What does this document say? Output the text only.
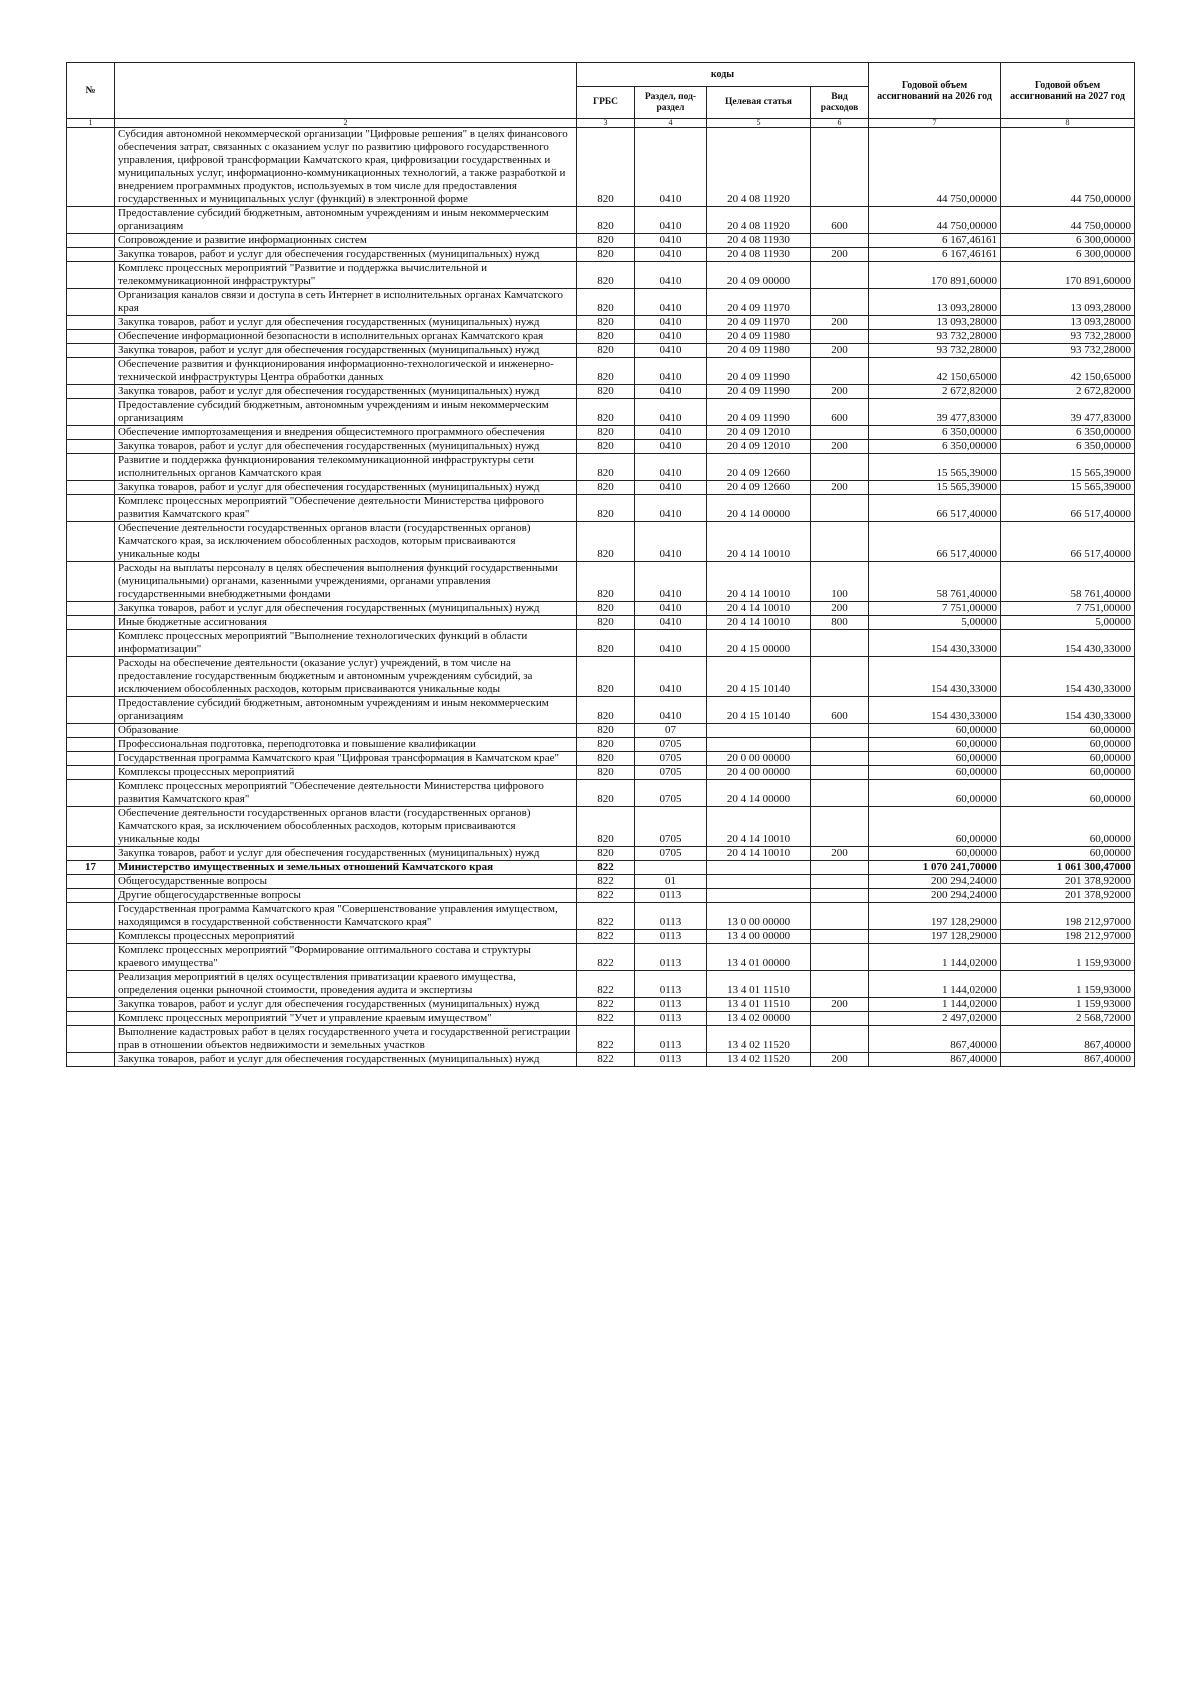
№		коды				Годовой объем ассигнований на 2026 год	Годовой объем ассигнований на 2027 год
		ГРБС	Раздел, под-раздел	Целевая статья	Вид расходов		
1	2	3	4	5	6	7	8
	Субсидия автономной некоммерческой организации "Цифровые решения" в целях финансового обеспечения затрат, связанных с оказанием услуг по развитию цифрового государственного управления, цифровой трансформации Камчатского края, цифровизации государственных и муниципальных услуг, информационно-коммуникационных технологий, а также разработкой и внедрением программных продуктов, используемых в том числе для предоставления государственных и муниципальных услуг (функций) в электронной форме	820	0410	20 4 08 11920		44 750,00000	44 750,00000
	Предоставление субсидий бюджетным, автономным учреждениям и иным некоммерческим организациям	820	0410	20 4 08 11920	600	44 750,00000	44 750,00000
	Сопровождение и развитие информационных систем	820	0410	20 4 08 11930		6 167,46161	6 300,00000
	Закупка товаров, работ и услуг для обеспечения государственных (муниципальных) нужд	820	0410	20 4 08 11930	200	6 167,46161	6 300,00000
	Комплекс процессных мероприятий "Развитие и поддержка вычислительной и телекоммуникационной инфраструктуры"	820	0410	20 4 09 00000		170 891,60000	170 891,60000
	Организация каналов связи и доступа в сеть Интернет в исполнительных органах Камчатского края	820	0410	20 4 09 11970		13 093,28000	13 093,28000
	Закупка товаров, работ и услуг для обеспечения государственных (муниципальных) нужд	820	0410	20 4 09 11970	200	13 093,28000	13 093,28000
	Обеспечение информационной безопасности в исполнительных органах Камчатского края	820	0410	20 4 09 11980		93 732,28000	93 732,28000
	Закупка товаров, работ и услуг для обеспечения государственных (муниципальных) нужд	820	0410	20 4 09 11980	200	93 732,28000	93 732,28000
	Обеспечение развития и функционирования информационно-технологической и инженерно-технической инфраструктуры Центра обработки данных	820	0410	20 4 09 11990		42 150,65000	42 150,65000
	Закупка товаров, работ и услуг для обеспечения государственных (муниципальных) нужд	820	0410	20 4 09 11990	200	2 672,82000	2 672,82000
	Предоставление субсидий бюджетным, автономным учреждениям и иным некоммерческим организациям	820	0410	20 4 09 11990	600	39 477,83000	39 477,83000
	Обеспечение импортозамещения и внедрения общесистемного программного обеспечения	820	0410	20 4 09 12010		6 350,00000	6 350,00000
	Закупка товаров, работ и услуг для обеспечения государственных (муниципальных) нужд	820	0410	20 4 09 12010	200	6 350,00000	6 350,00000
	Развитие и поддержка функционирования телекоммуникационной инфраструктуры сети исполнительных органов Камчатского края	820	0410	20 4 09 12660		15 565,39000	15 565,39000
	Закупка товаров, работ и услуг для обеспечения государственных (муниципальных) нужд	820	0410	20 4 09 12660	200	15 565,39000	15 565,39000
	Комплекс процессных мероприятий "Обеспечение деятельности Министерства цифрового развития Камчатского края"	820	0410	20 4 14 00000		66 517,40000	66 517,40000
	Обеспечение деятельности государственных органов власти (государственных органов) Камчатского края, за исключением обособленных расходов, которым присваиваются уникальные коды	820	0410	20 4 14 10010		66 517,40000	66 517,40000
	Расходы на выплаты персоналу в целях обеспечения выполнения функций государственными (муниципальными) органами, казенными учреждениями, органами управления государственными внебюджетными фондами	820	0410	20 4 14 10010	100	58 761,40000	58 761,40000
	Закупка товаров, работ и услуг для обеспечения государственных (муниципальных) нужд	820	0410	20 4 14 10010	200	7 751,00000	7 751,00000
	Иные бюджетные ассигнования	820	0410	20 4 14 10010	800	5,00000	5,00000
	Комплекс процессных мероприятий "Выполнение технологических функций в области информатизации"	820	0410	20 4 15 00000		154 430,33000	154 430,33000
	Расходы на обеспечение деятельности (оказание услуг) учреждений, в том числе на предоставление государственным бюджетным и автономным учреждениям субсидий, за исключением обособленных расходов, которым присваиваются уникальные коды	820	0410	20 4 15 10140		154 430,33000	154 430,33000
	Предоставление субсидий бюджетным, автономным учреждениям и иным некоммерческим организациям	820	0410	20 4 15 10140	600	154 430,33000	154 430,33000
	Образование	820	07			60,00000	60,00000
	Профессиональная подготовка, переподготовка и повышение квалификации	820	0705			60,00000	60,00000
	Государственная программа Камчатского края "Цифровая трансформация в Камчатском крае"	820	0705	20 0 00 00000		60,00000	60,00000
	Комплексы процессных мероприятий	820	0705	20 4 00 00000		60,00000	60,00000
	Комплекс процессных мероприятий "Обеспечение деятельности Министерства цифрового развития Камчатского края"	820	0705	20 4 14 00000		60,00000	60,00000
	Обеспечение деятельности государственных органов власти (государственных органов) Камчатского края, за исключением обособленных расходов, которым присваиваются уникальные коды	820	0705	20 4 14 10010		60,00000	60,00000
	Закупка товаров, работ и услуг для обеспечения государственных (муниципальных) нужд	820	0705	20 4 14 10010	200	60,00000	60,00000
17	Министерство имущественных и земельных отношений Камчатского края	822				1 070 241,70000	1 061 300,47000
	Общегосударственные вопросы	822	01			200 294,24000	201 378,92000
	Другие общегосударственные вопросы	822	0113			200 294,24000	201 378,92000
	Государственная программа Камчатского края "Совершенствование управления имуществом, находящимся в государственной собственности Камчатского края"	822	0113	13 0 00 00000		197 128,29000	198 212,97000
	Комплексы процессных мероприятий	822	0113	13 4 00 00000		197 128,29000	198 212,97000
	Комплекс процессных мероприятий "Формирование оптимального состава и структуры краевого имущества"	822	0113	13 4 01 00000		1 144,02000	1 159,93000
	Реализация мероприятий в целях осуществления приватизации краевого имущества, определения оценки рыночной стоимости, проведения аудита и экспертизы	822	0113	13 4 01 11510		1 144,02000	1 159,93000
	Закупка товаров, работ и услуг для обеспечения государственных (муниципальных) нужд	822	0113	13 4 01 11510	200	1 144,02000	1 159,93000
	Комплекс процессных мероприятий "Учет и управление краевым имуществом"	822	0113	13 4 02 00000		2 497,02000	2 568,72000
	Выполнение кадастровых работ в целях государственного учета и государственной регистрации прав в отношении объектов недвижимости и земельных участков	822	0113	13 4 02 11520		867,40000	867,40000
	Закупка товаров, работ и услуг для обеспечения государственных (муниципальных) нужд	822	0113	13 4 02 11520	200	867,40000	867,40000
